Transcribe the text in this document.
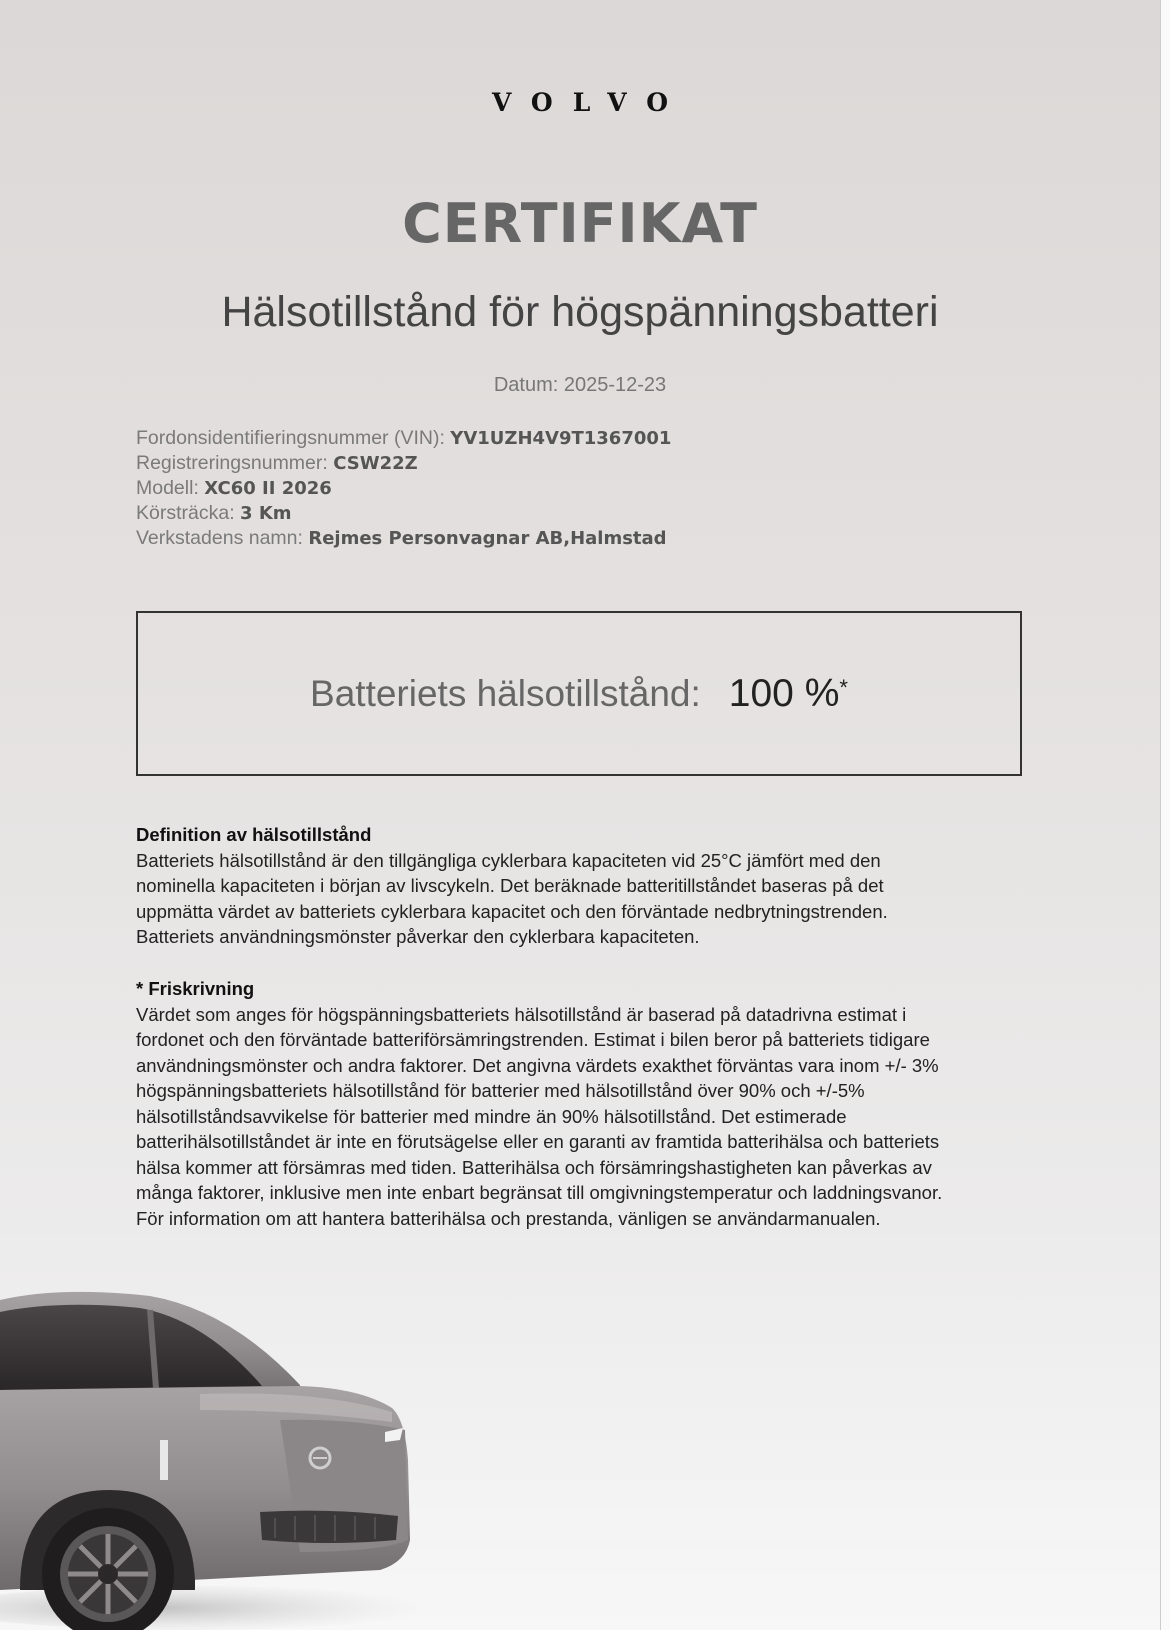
VOLVO
CERTIFIKAT
Hälsotillstånd för högspänningsbatteri
Datum: 2025-12-23
Fordonsidentifieringsnummer (VIN): YV1UZH4V9T1367001
Registreringsnummer: CSW22Z
Modell: XC60 II 2026
Körsträcka: 3 Km
Verkstadens namn: Rejmes Personvagnar AB,Halmstad
Batteriets hälsotillstånd: 100 %*

Definition av hälsotillstånd

Batteriets hälsotillstånd är den tillgängliga cyklerbara kapaciteten vid 25°C jämfört med den

nominella kapaciteten i början av livscykeln. Det beräknade batteritillståndet baseras på det

uppmätta värdet av batteriets cyklerbara kapacitet och den förväntade nedbrytningstrenden.

Batteriets användningsmönster påverkar den cyklerbara kapaciteten.

* Friskrivning

Värdet som anges för högspänningsbatteriets hälsotillstånd är baserad på datadrivna estimat i

fordonet och den förväntade batteriförsämringstrenden. Estimat i bilen beror på batteriets tidigare

användningsmönster och andra faktorer. Det angivna värdets exakthet förväntas vara inom +/- 3%

högspänningsbatteriets hälsotillstånd för batterier med hälsotillstånd över 90% och +/-5%

hälsotillståndsavvikelse för batterier med mindre än 90% hälsotillstånd. Det estimerade

batterihälsotillståndet är inte en förutsägelse eller en garanti av framtida batterihälsa och batteriets

hälsa kommer att försämras med tiden. Batterihälsa och försämringshastigheten kan påverkas av

många faktorer, inklusive men inte enbart begränsat till omgivningstemperatur och laddningsvanor.

För information om att hantera batterihälsa och prestanda, vänligen se användarmanualen.
